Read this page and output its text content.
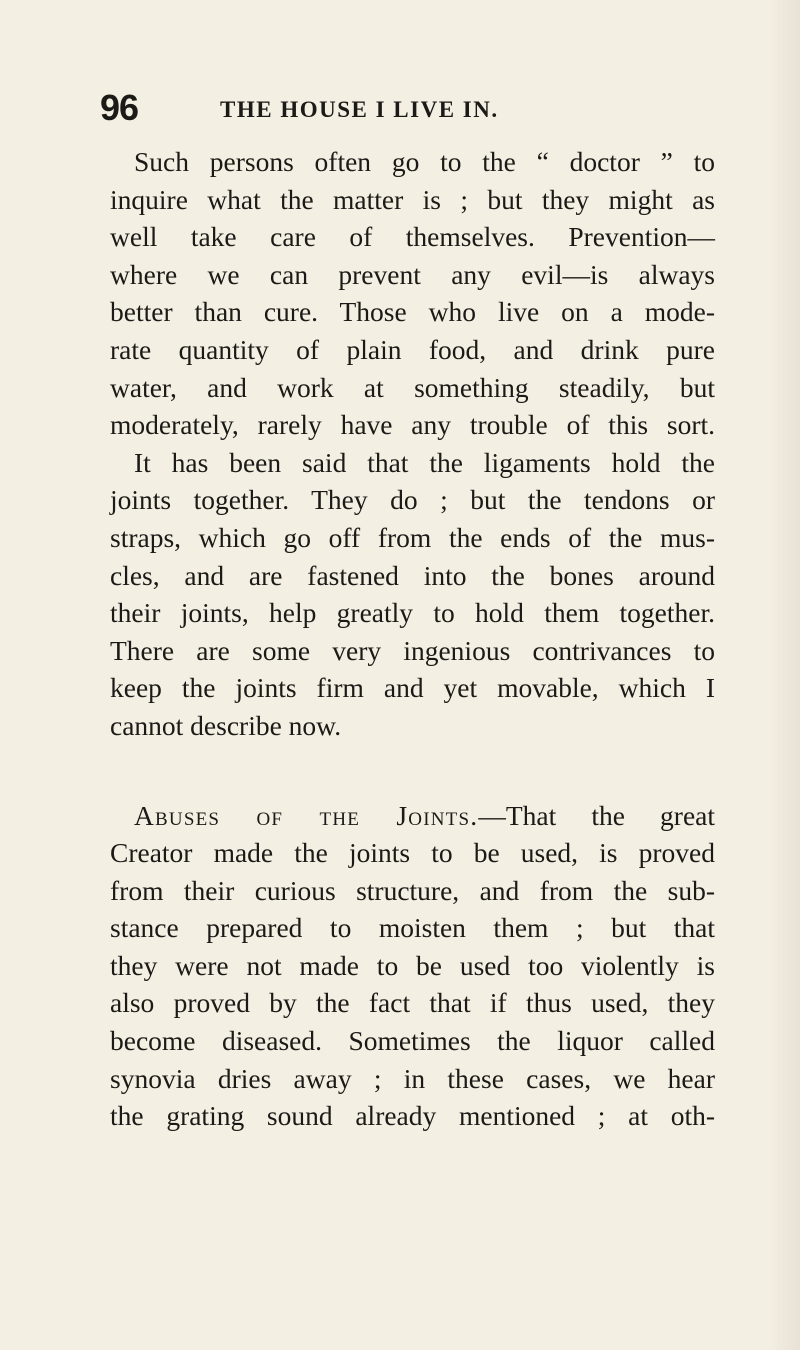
96	THE HOUSE I LIVE IN.
Such persons often go to the “ doctor ” to
inquire what the matter is ; but they might as
well take care of themselves. Prevention—
where we can prevent any evil—is always
better than cure. Those who live on a mode-
rate quantity of plain food, and drink pure
water, and work at something steadily, but
moderately, rarely have any trouble of this sort.
It has been said that the ligaments hold the
joints together. They do ; but the tendons or
straps, which go off from the ends of the mus-
cles, and are fastened into the bones around
their joints, help greatly to hold them together.
There are some very ingenious contrivances to
keep the joints firm and yet movable, which I
cannot describe now.
Abuses of the Joints.—That the great
Creator made the joints to be used, is proved
from their curious structure, and from the sub-
stance prepared to moisten them ; but that
they were not made to be used too violently is
also proved by the fact that if thus used, they
become diseased. Sometimes the liquor called
synovia dries away ; in these cases, we hear
the grating sound already mentioned ; at oth-
